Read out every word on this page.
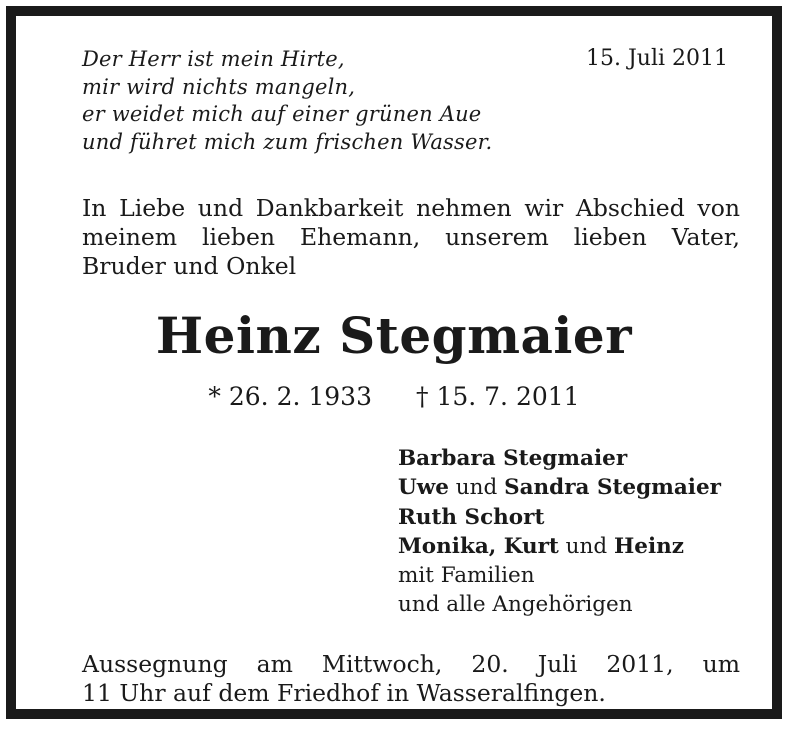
Der Herr ist mein Hirte,
mir wird nichts mangeln,
er weidet mich auf einer grünen Aue
und führet mich zum frischen Wasser.
15. Juli 2011
In Liebe und Dankbarkeit nehmen wir Abschied von meinem lieben Ehemann, unserem lieben Vater, Bruder und Onkel
Heinz Stegmaier
* 26. 2. 1933 † 15. 7. 2011
Barbara Stegmaier
Uwe und Sandra Stegmaier
Ruth Schort
Monika, Kurt und Heinz
mit Familien
und alle Angehörigen
Aussegnung am Mittwoch, 20. Juli 2011, um
11 Uhr auf dem Friedhof in Wasseralfingen.
